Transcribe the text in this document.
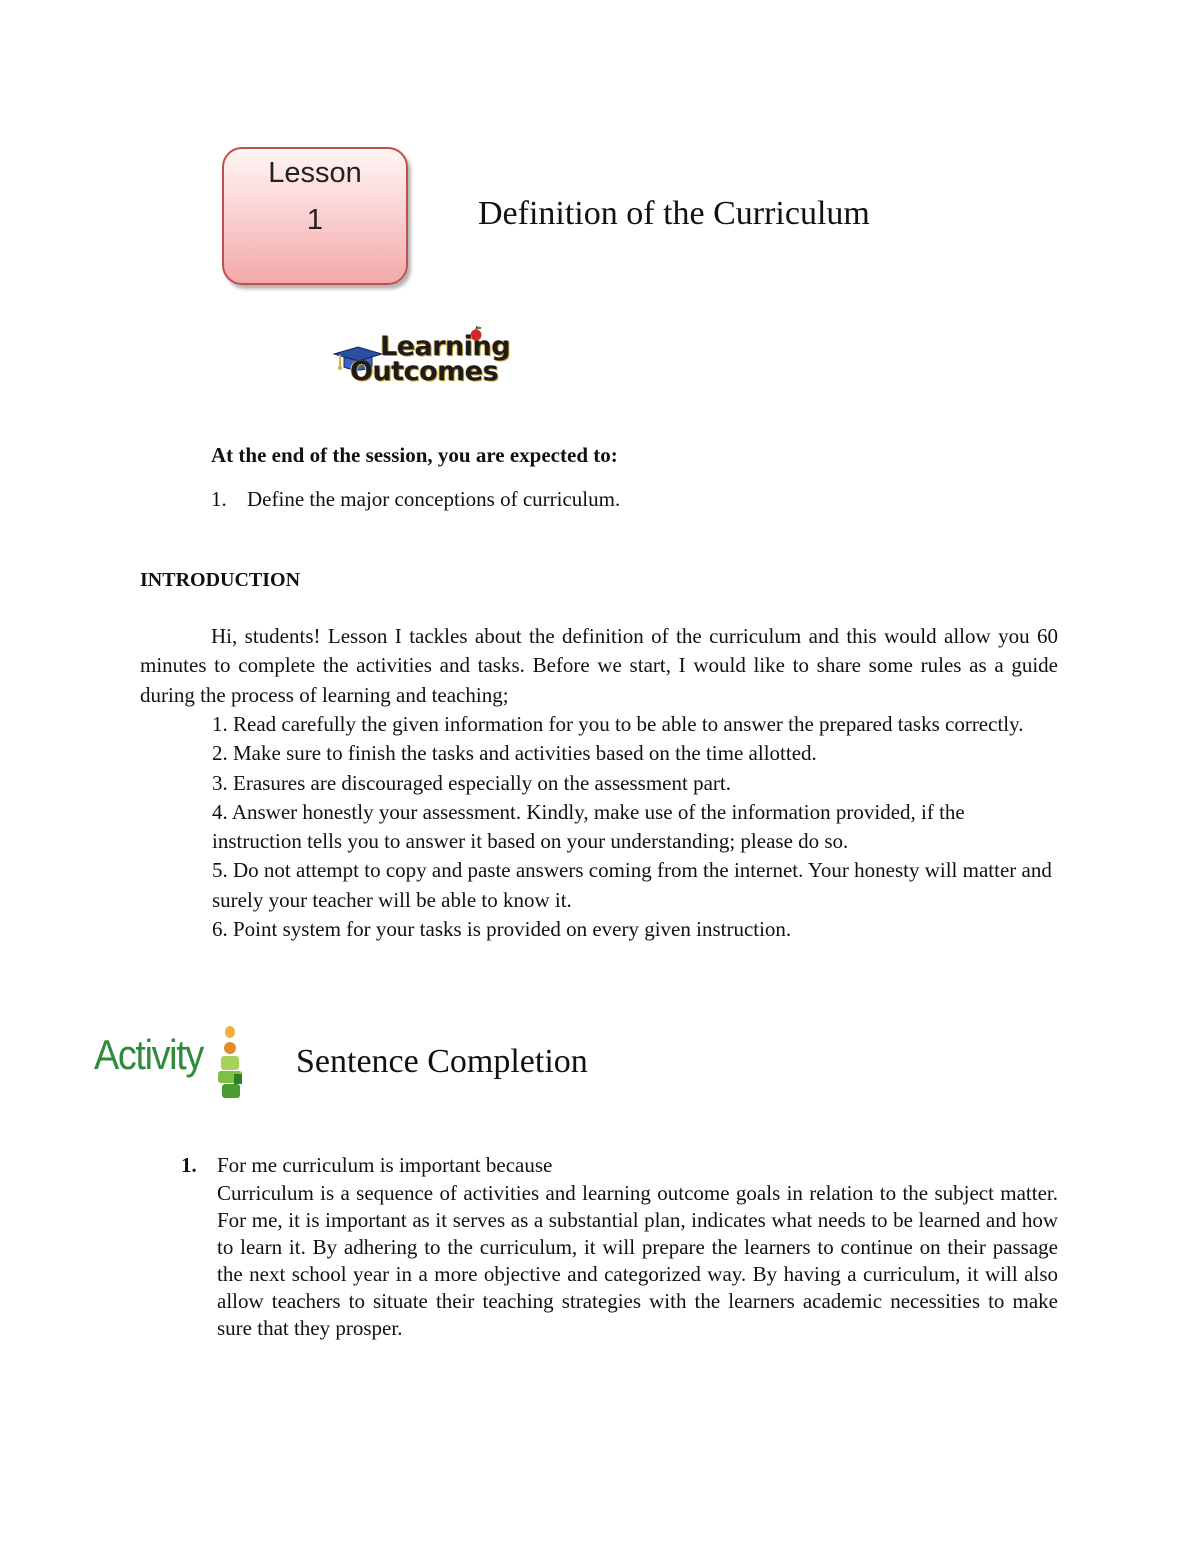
Lesson
1	Definition of the Curriculum
Learning
Outcomes
At the end of the session, you are expected to:
1. Define the major conceptions of curriculum.
INTRODUCTION

Hi, students! Lesson I tackles about the definition of the curriculum and this would allow you 60 minutes to complete the activities and tasks. Before we start, I would like to share some rules as a guide during the process of learning and teaching;

1. Read carefully the given information for you to be able to answer the prepared tasks correctly.
2. Make sure to finish the tasks and activities based on the time allotted.
3. Erasures are discouraged especially on the assessment part.
4. Answer honestly your assessment. Kindly, make use of the information provided, if the instruction tells you to answer it based on your understanding; please do so.
5. Do not attempt to copy and paste answers coming from the internet. Your honesty will matter and surely your teacher will be able to know it.
6. Point system for your tasks is provided on every given instruction.
Activity	Sentence Completion
1. For me curriculum is important because

Curriculum is a sequence of activities and learning outcome goals in relation to the subject matter. For me, it is important as it serves as a substantial plan, indicates what needs to be learned and how to learn it. By adhering to the curriculum, it will prepare the learners to continue on their passage the next school year in a more objective and categorized way. By having a curriculum, it will also allow teachers to situate their teaching strategies with the learners academic necessities to make sure that they prosper.
